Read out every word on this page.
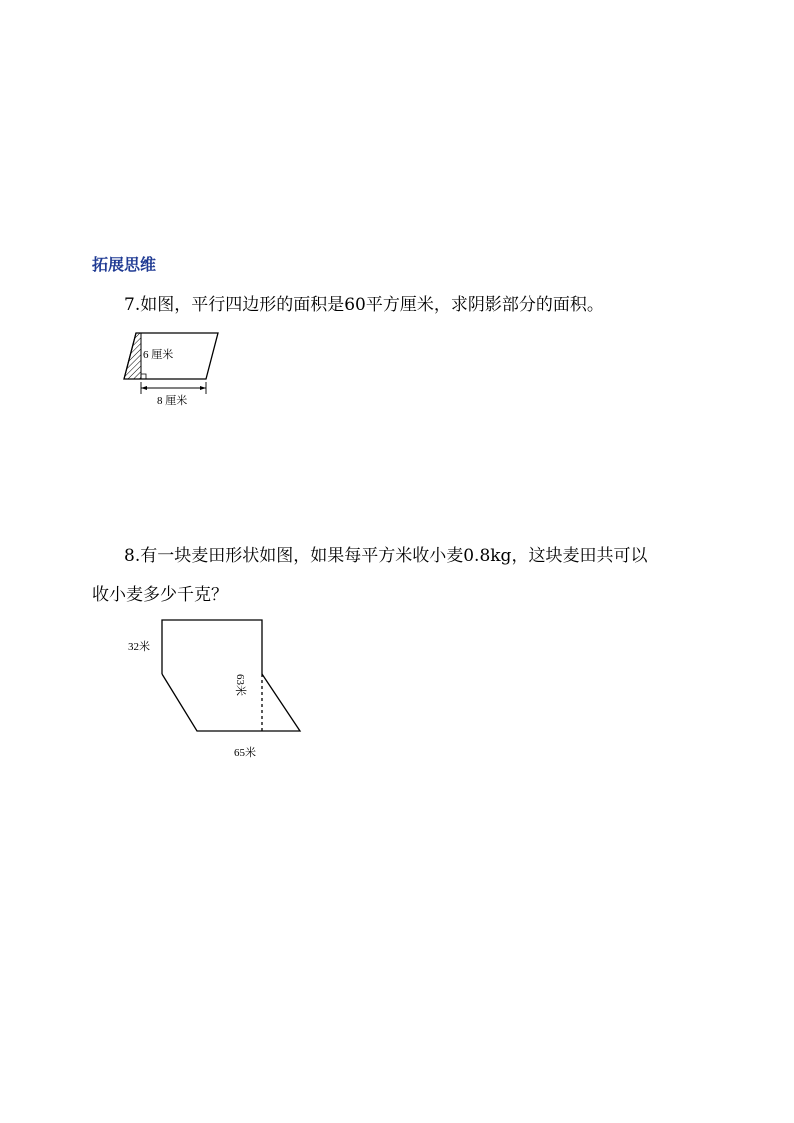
拓展思维

7.如图，平行四边形的面积是60平方厘米，求阴影部分的面积。

6 厘米
8 厘米

8.有一块麦田形状如图，如果每平方米收小麦0.8kg，这块麦田共可以

收小麦多少千克？

32米
63米
65米
